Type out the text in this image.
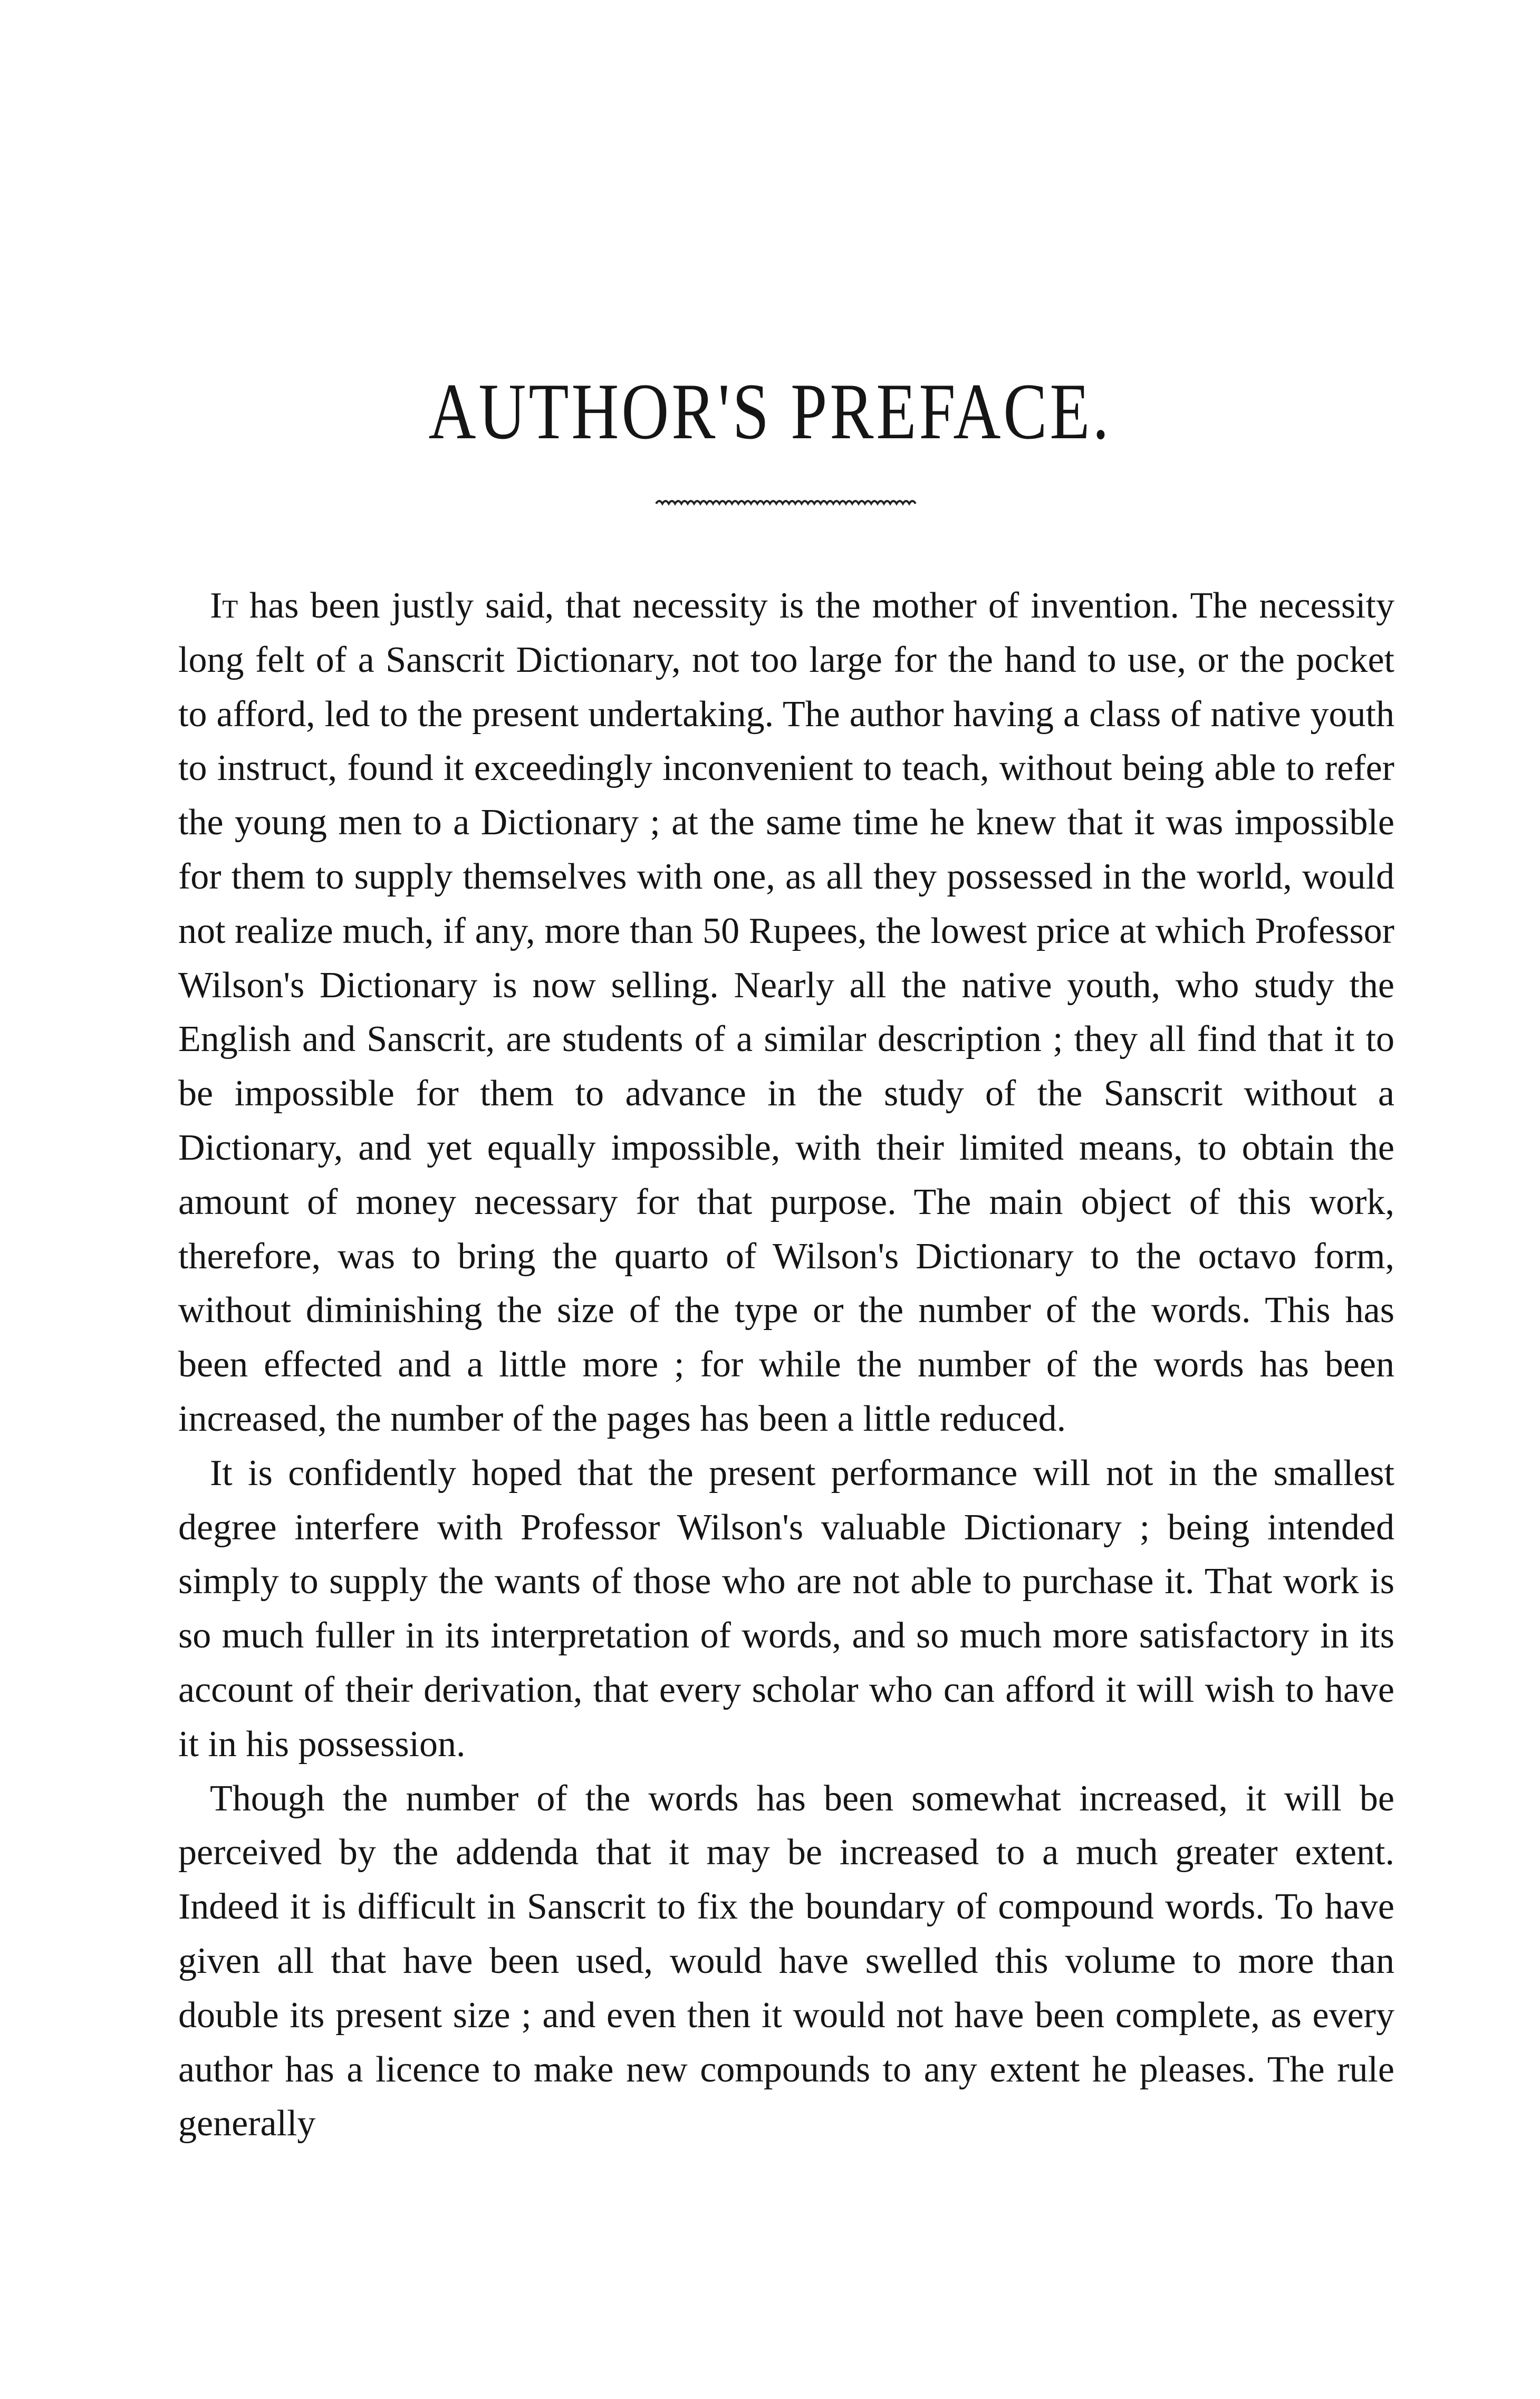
AUTHOR'S PREFACE.

It has been justly said, that necessity is the mother of invention. The necessity long felt of a Sanscrit Dictionary, not too large for the hand to use, or the pocket to afford, led to the present undertaking. The author having a class of native youth to instruct, found it exceedingly inconvenient to teach, without being able to refer the young men to a Dictionary ; at the same time he knew that it was impossible for them to supply themselves with one, as all they possessed in the world, would not realize much, if any, more than 50 Rupees, the lowest price at which Professor Wilson's Dictionary is now selling. Nearly all the native youth, who study the English and Sanscrit, are students of a similar description ; they all find that it to be impossible for them to advance in the study of the Sanscrit without a Dictionary, and yet equally impossible, with their limited means, to obtain the amount of money necessary for that purpose. The main object of this work, therefore, was to bring the quarto of Wilson's Dictionary to the octavo form, without diminishing the size of the type or the number of the words. This has been effected and a little more ; for while the number of the words has been increased, the number of the pages has been a little reduced.

It is confidently hoped that the present performance will not in the smallest degree interfere with Professor Wilson's valuable Dictionary ; being intended simply to supply the wants of those who are not able to purchase it. That work is so much fuller in its interpretation of words, and so much more satisfactory in its account of their derivation, that every scholar who can afford it will wish to have it in his possession.

Though the number of the words has been somewhat increased, it will be perceived by the addenda that it may be increased to a much greater extent. Indeed it is difficult in Sanscrit to fix the boundary of compound words. To have given all that have been used, would have swelled this volume to more than double its present size ; and even then it would not have been complete, as every author has a licence to make new compounds to any extent he pleases. The rule generally
